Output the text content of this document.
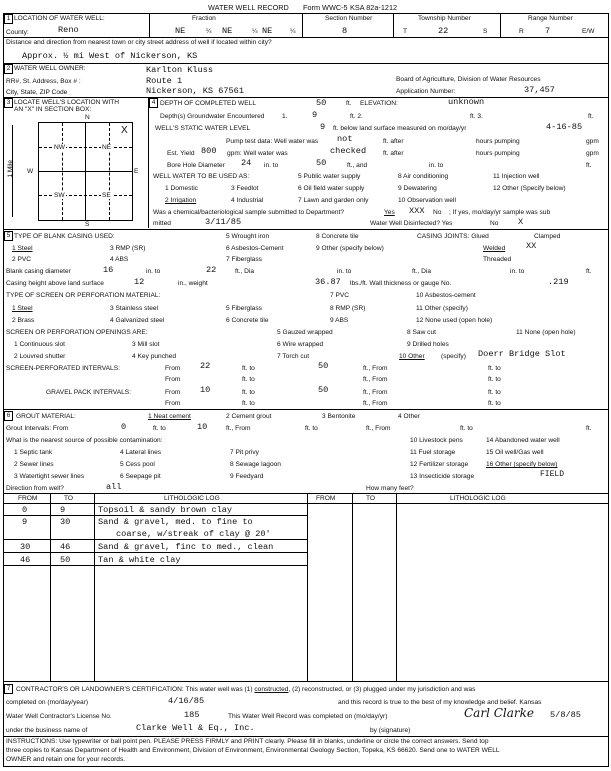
WATER WELL RECORD Form WWC-5 KSA 82a-1212
1 LOCATION OF WATER WELL:
County:	Reno
Fraction
NE	¼ NE	¼ NE	¼
Section Number
8
Township Number
T	22	S
Range Number
R 7	E/W
Distance and direction from nearest town or city street address of well if located within city?
Approx. ½ mi West of Nickerson, KS
2 WATER WELL OWNER:	Karlton Kluss
RR#, St. Address, Box # :	Route 1
City, State, ZIP Code	Nickerson, KS 67561
Board of Agriculture, Division of Water Resources
Application Number:	37,457
3 LOCATE WELL'S LOCATION WITH
AN "X" IN SECTION BOX:
N
S
W	E
1 Mile
NW	NE
SW	SE
X
4 DEPTH OF COMPLETED WELL	50	ft. ELEVATION:	unknown
Depth(s) Groundwater Encountered	1.	9	ft. 2.	ft. 3.	ft.
WELL'S STATIC WATER LEVEL	9 ft. below land surface measured on mo/day/yr	4-16-85
Pump test data: Well water was not	ft. after	hours pumping	gpm
Est. Yield 800 gpm: Well water was	checked	ft. after	hours pumping	gpm
Bore Hole Diameter 24 in. to	50	ft., and	in. to	ft.
WELL WATER TO BE USED AS:	5 Public water supply	8 Air conditioning	11 Injection well
1 Domestic	3 Feedlot	6 Oil field water supply	9 Dewatering	12 Other (Specify below)
2 Irrigation	4 Industrial	7 Lawn and garden only	10 Observation well
Was a chemical/bacteriological sample submitted to Department?	Yes XXX No ; If yes, mo/day/yr sample was sub
mitted	3/11/85	Water Well Disinfected? Yes	No X
5 TYPE OF BLANK CASING USED:	5 Wrought iron	8 Concrete tile	CASING JOINTS: Glued	Clamped
1 Steel	3 RMP (SR)	6 Asbestos-Cement	9 Other (specify below)	Welded XX
2 PVC	4 ABS	7 Fiberglass	Threaded
Blank casing diameter	16	in. to	22	ft., Dia	in. to	ft., Dia	in. to	ft.
Casing height above land surface	12	in., weight	36.87 lbs./ft. Wall thickness or gauge No.	.219
TYPE OF SCREEN OR PERFORATION MATERIAL:	7 PVC	10 Asbestos-cement
1 Steel	3 Stainless steel	5 Fiberglass	8 RMP (SR)	11 Other (specify)
2 Brass	4 Galvanized steel	6 Concrete tile	9 ABS	12 None used (open hole)
SCREEN OR PERFORATION OPENINGS ARE:	5 Gauzed wrapped	8 Saw cut	11 None (open hole)
1 Continuous slot	3 Mill slot	6 Wire wrapped	9 Drilled holes
2 Louvred shutter	4 Key punched	7 Torch cut	10 Other (specify) Doerr Bridge Slot
SCREEN-PERFORATED INTERVALS:	From 22	ft. to	50	ft., From	ft. to
From	ft. to	ft., From	ft. to
GRAVEL PACK INTERVALS:	From 10	ft. to	50	ft., From	ft. to
From	ft. to	ft., From	ft. to
6 GROUT MATERIAL:	1 Neat cement	2 Cement grout	3 Bentonite	4 Other
Grout Intervals: From	0	ft. to	10	ft., From	ft. to	ft., From	ft. to	ft.
What is the nearest source of possible contamination:	10 Livestock pens	14 Abandoned water well
1 Septic tank	4 Lateral lines	7 Pit privy	11 Fuel storage	15 Oil well/Gas well
2 Sewer lines	5 Cess pool	8 Sewage lagoon	12 Fertilizer storage	16 Other (specify below)
3 Watertight sewer lines	6 Seepage pit	9 Feedyard	13 Insecticide storage	FIELD
Direction from well?	all	How many feet?
FROM	TO	LITHOLOGIC LOG	FROM	TO	LITHOLOGIC LOG
0	9	Topsoil & sandy brown clay
9	30	Sand & gravel, med. to fine to
coarse, w/streak of clay @ 20'
30	46	Sand & gravel, finc to med., clean
46	50	Tan & white clay
7 CONTRACTOR'S OR LANDOWNER'S CERTIFICATION: This water well was (1) constructed, (2) reconstructed, or (3) plugged under my jurisdiction and was
completed on (mo/day/year)	4/16/85	and this record is true to the best of my knowledge and belief. Kansas
Water Well Contractor's License No.	185	This Water Well Record was completed on (mo/day/yr)	5/8/85
under the business name of	Clarke Well & Eq., Inc.	by (signature)
Carl Clarke
INSTRUCTIONS: Use typewriter or ball point pen. PLEASE PRESS FIRMLY and PRINT clearly. Please fill in blanks, underline or circle the correct answers. Send top
three copies to Kansas Department of Health and Environment, Division of Environment, Environmental Geology Section, Topeka, KS 66620. Send one to WATER WELL
OWNER and retain one for your records.
